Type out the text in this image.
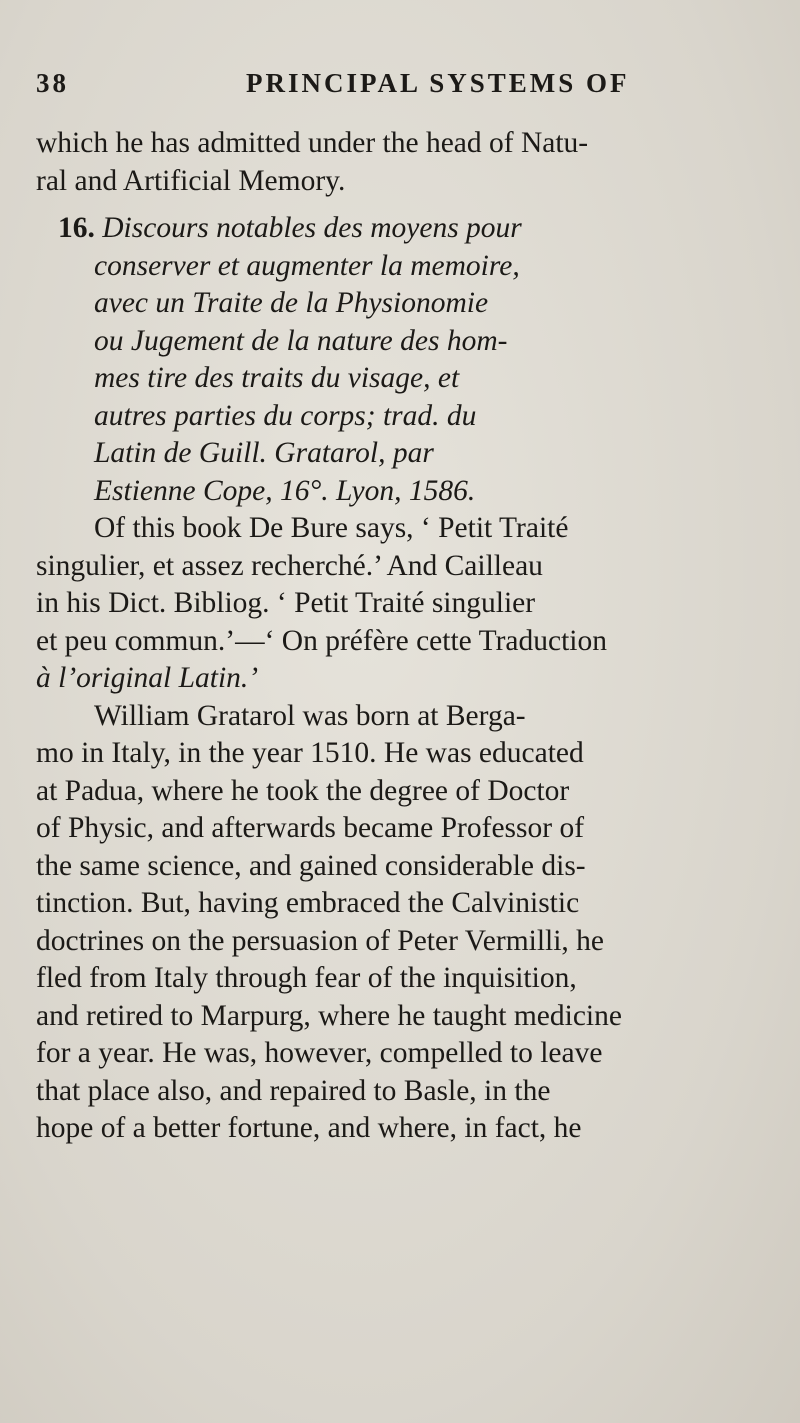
38	PRINCIPAL SYSTEMS OF
which he has admitted under the head of Natu-
ral and Artificial Memory.
16. Discours notables des moyens pour
conserver et augmenter la memoire,
avec un Traite de la Physionomie
ou Jugement de la nature des hom-
mes tire des traits du visage, et
autres parties du corps; trad. du
Latin de Guill. Gratarol, par
Estienne Cope, 16°. Lyon, 1586.
Of this book De Bure says, ‘ Petit Traité
singulier, et assez recherché.’ And Cailleau
in his Dict. Bibliog. ‘ Petit Traité singulier
et peu commun.’—‘ On préfère cette Traduction
à l’original Latin.’
William Gratarol was born at Berga-
mo in Italy, in the year 1510. He was educated
at Padua, where he took the degree of Doctor
of Physic, and afterwards became Professor of
the same science, and gained considerable dis-
tinction. But, having embraced the Calvinistic
doctrines on the persuasion of Peter Vermilli, he
fled from Italy through fear of the inquisition,
and retired to Marpurg, where he taught medicine
for a year. He was, however, compelled to leave
that place also, and repaired to Basle, in the
hope of a better fortune, and where, in fact, he
